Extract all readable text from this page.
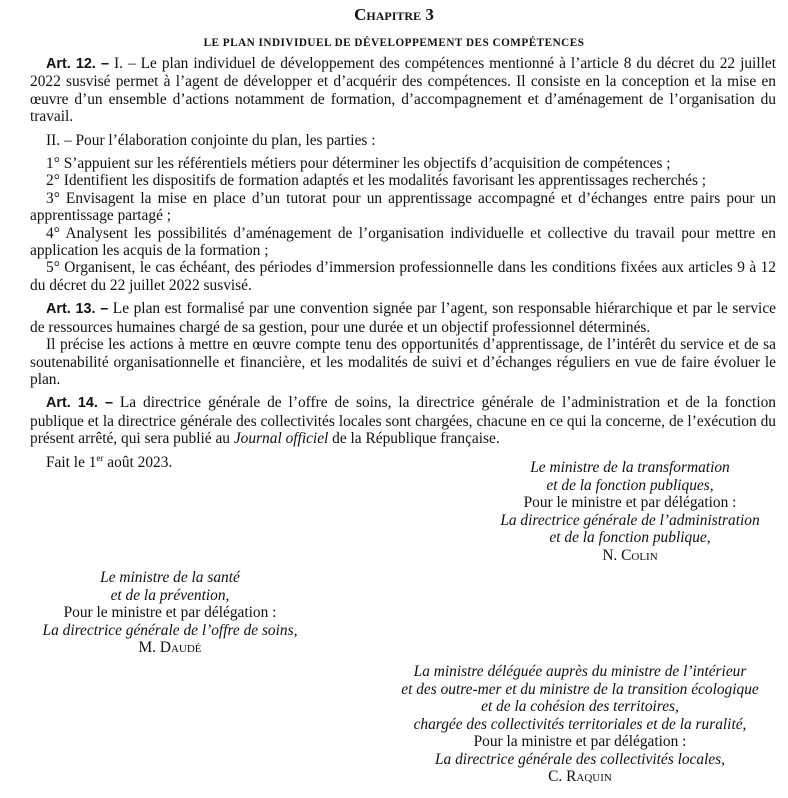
Chapitre 3
LE PLAN INDIVIDUEL DE DÉVELOPPEMENT DES COMPÉTENCES

Art. 12. – I. – Le plan individuel de développement des compétences mentionné à l’article 8 du décret du 22 juillet 2022 susvisé permet à l’agent de développer et d’acquérir des compétences. Il consiste en la conception et la mise en œuvre d’un ensemble d’actions notamment de formation, d’accompagnement et d’aménagement de l’organisation du travail.

II. – Pour l’élaboration conjointe du plan, les parties :

1° S’appuient sur les référentiels métiers pour déterminer les objectifs d’acquisition de compétences ;

2° Identifient les dispositifs de formation adaptés et les modalités favorisant les apprentissages recherchés ;

3° Envisagent la mise en place d’un tutorat pour un apprentissage accompagné et d’échanges entre pairs pour un apprentissage partagé ;

4° Analysent les possibilités d’aménagement de l’organisation individuelle et collective du travail pour mettre en application les acquis de la formation ;

5° Organisent, le cas échéant, des périodes d’immersion professionnelle dans les conditions fixées aux articles 9 à 12 du décret du 22 juillet 2022 susvisé.

Art. 13. – Le plan est formalisé par une convention signée par l’agent, son responsable hiérarchique et par le service de ressources humaines chargé de sa gestion, pour une durée et un objectif professionnel déterminés.

Il précise les actions à mettre en œuvre compte tenu des opportunités d’apprentissage, de l’intérêt du service et de sa soutenabilité organisationnelle et financière, et les modalités de suivi et d’échanges réguliers en vue de faire évoluer le plan.

Art. 14. – La directrice générale de l’offre de soins, la directrice générale de l’administration et de la fonction publique et la directrice générale des collectivités locales sont chargées, chacune en ce qui la concerne, de l’exécution du présent arrêté, qui sera publié au Journal officiel de la République française.

Fait le 1er août 2023.	Le ministre de la transformation
et de la fonction publiques,
Pour le ministre et par délégation :
La directrice générale de l’administration
et de la fonction publique,
N. Colin
Le ministre de la santé
et de la prévention,
Pour le ministre et par délégation :
La directrice générale de l’offre de soins,
M. Daudé
La ministre déléguée auprès du ministre de l’intérieur
et des outre-mer et du ministre de la transition écologique
et de la cohésion des territoires,
chargée des collectivités territoriales et de la ruralité,
Pour la ministre et par délégation :
La directrice générale des collectivités locales,
C. Raquin
